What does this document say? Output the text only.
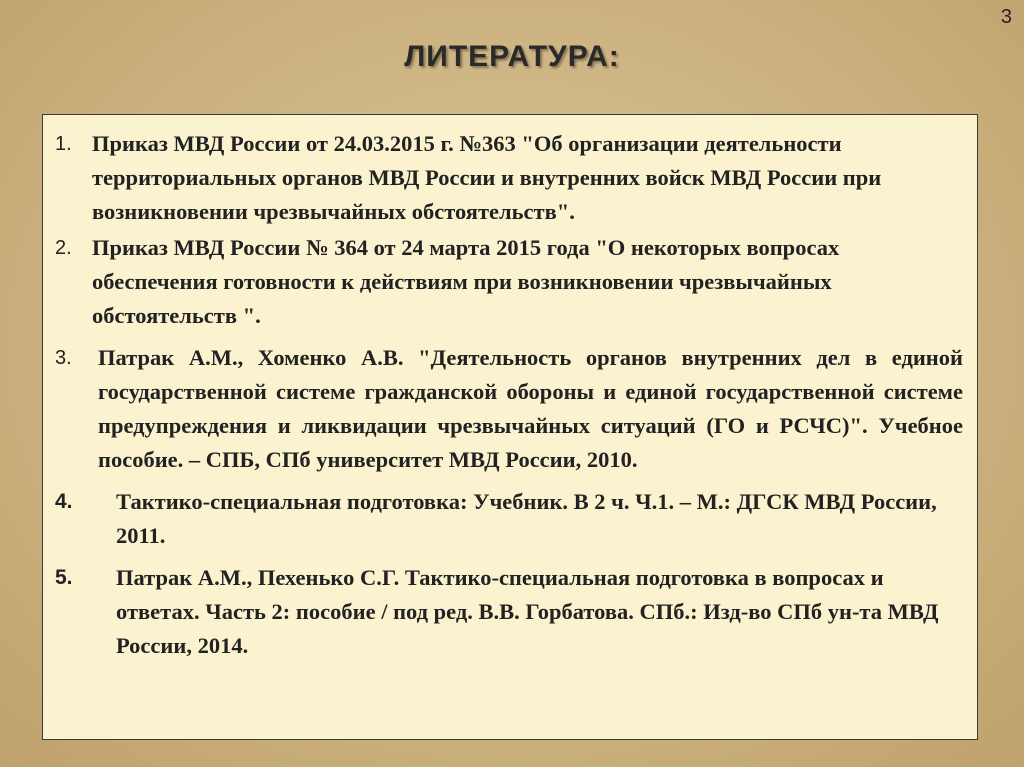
3
ЛИТЕРАТУРА:
1. Приказ МВД России от 24.03.2015 г. №363 "Об организации деятельности территориальных органов МВД России и внутренних войск МВД России при возникновении чрезвычайных обстоятельств".
2. Приказ МВД России № 364 от 24 марта 2015 года "О некоторых вопросах обеспечения готовности к действиям при возникновении чрезвычайных обстоятельств ".
3.	Патрак А.М., Хоменко А.В. "Деятельность органов внутренних дел в единой государственной системе гражданской обороны и единой государственной системе предупреждения и ликвидации чрезвычайных ситуаций (ГО и РСЧС)". Учебное пособие. – СПБ, СПб университет МВД России, 2010.
4.	Тактико-специальная подготовка: Учебник. В 2 ч. Ч.1. – М.: ДГСК МВД России, 2011.
5.	Патрак А.М., Пехенько С.Г. Тактико-специальная подготовка в вопросах и ответах. Часть 2: пособие / под ред. В.В. Горбатова. СПб.: Изд-во СПб ун-та МВД России, 2014.
